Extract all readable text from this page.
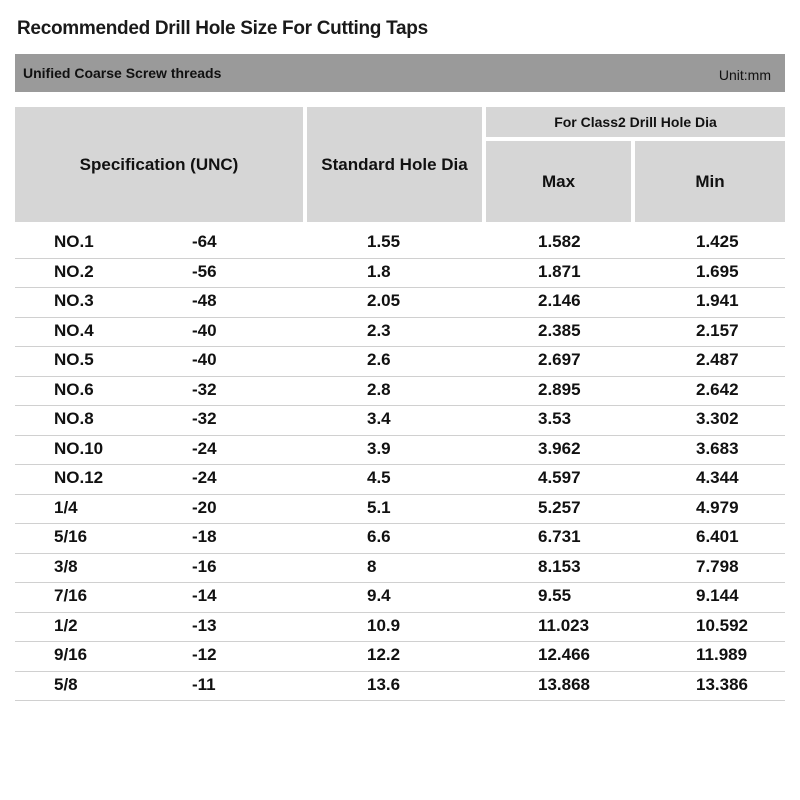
Recommended Drill Hole Size For Cutting Taps
Unified Coarse Screw threads	Unit:mm
Specification (UNC)	Standard Hole Dia
For Class2 Drill Hole Dia
Max	Min
NO.1	-64	1.55	1.582	1.425
NO.2	-56	1.8	1.871	1.695
NO.3	-48	2.05	2.146	1.941
NO.4	-40	2.3	2.385	2.157
NO.5	-40	2.6	2.697	2.487
NO.6	-32	2.8	2.895	2.642
NO.8	-32	3.4	3.53	3.302
NO.10	-24	3.9	3.962	3.683
NO.12	-24	4.5	4.597	4.344
1/4	-20	5.1	5.257	4.979
5/16	-18	6.6	6.731	6.401
3/8	-16	8	8.153	7.798
7/16	-14	9.4	9.55	9.144
1/2	-13	10.9	11.023	10.592
9/16	-12	12.2	12.466	11.989
5/8	-11	13.6	13.868	13.386
